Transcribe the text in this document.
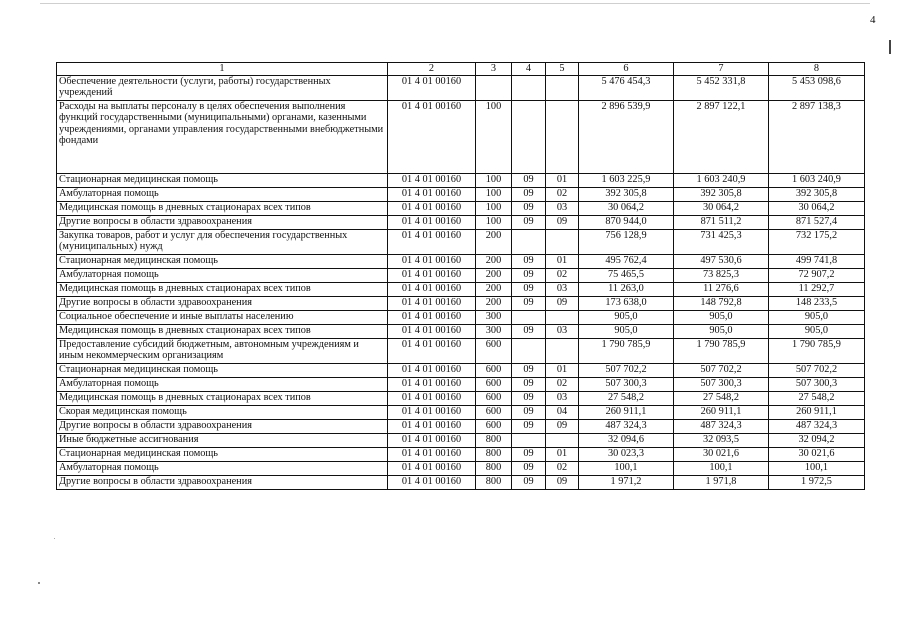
4
1	2	3	4	5	6	7	8
Обеспечение деятельности (услуги, работы) государственных учреждений	01 4 01 00160				5 476 454,3	5 452 331,8	5 453 098,6
Расходы на выплаты персоналу в целях обеспечения выполнения функций государственными (муниципальными) органами, казенными учреждениями, органами управления государственными внебюджетными фондами	01 4 01 00160	100			2 896 539,9	2 897 122,1	2 897 138,3
Стационарная медицинская помощь	01 4 01 00160	100	09	01	1 603 225,9	1 603 240,9	1 603 240,9
Амбулаторная помощь	01 4 01 00160	100	09	02	392 305,8	392 305,8	392 305,8
Медицинская помощь в дневных стационарах всех типов	01 4 01 00160	100	09	03	30 064,2	30 064,2	30 064,2
Другие вопросы в области здравоохранения	01 4 01 00160	100	09	09	870 944,0	871 511,2	871 527,4
Закупка товаров, работ и услуг для обеспечения государственных (муниципальных) нужд	01 4 01 00160	200			756 128,9	731 425,3	732 175,2
Стационарная медицинская помощь	01 4 01 00160	200	09	01	495 762,4	497 530,6	499 741,8
Амбулаторная помощь	01 4 01 00160	200	09	02	75 465,5	73 825,3	72 907,2
Медицинская помощь в дневных стационарах всех типов	01 4 01 00160	200	09	03	11 263,0	11 276,6	11 292,7
Другие вопросы в области здравоохранения	01 4 01 00160	200	09	09	173 638,0	148 792,8	148 233,5
Социальное обеспечение и иные выплаты населению	01 4 01 00160	300			905,0	905,0	905,0
Медицинская помощь в дневных стационарах всех типов	01 4 01 00160	300	09	03	905,0	905,0	905,0
Предоставление субсидий бюджетным, автономным учреждениям и иным некоммерческим организациям	01 4 01 00160	600			1 790 785,9	1 790 785,9	1 790 785,9
Стационарная медицинская помощь	01 4 01 00160	600	09	01	507 702,2	507 702,2	507 702,2
Амбулаторная помощь	01 4 01 00160	600	09	02	507 300,3	507 300,3	507 300,3
Медицинская помощь в дневных стационарах всех типов	01 4 01 00160	600	09	03	27 548,2	27 548,2	27 548,2
Скорая медицинская помощь	01 4 01 00160	600	09	04	260 911,1	260 911,1	260 911,1
Другие вопросы в области здравоохранения	01 4 01 00160	600	09	09	487 324,3	487 324,3	487 324,3
Иные бюджетные ассигнования	01 4 01 00160	800			32 094,6	32 093,5	32 094,2
Стационарная медицинская помощь	01 4 01 00160	800	09	01	30 023,3	30 021,6	30 021,6
Амбулаторная помощь	01 4 01 00160	800	09	02	100,1	100,1	100,1
Другие вопросы в области здравоохранения	01 4 01 00160	800	09	09	1 971,2	1 971,8	1 972,5
